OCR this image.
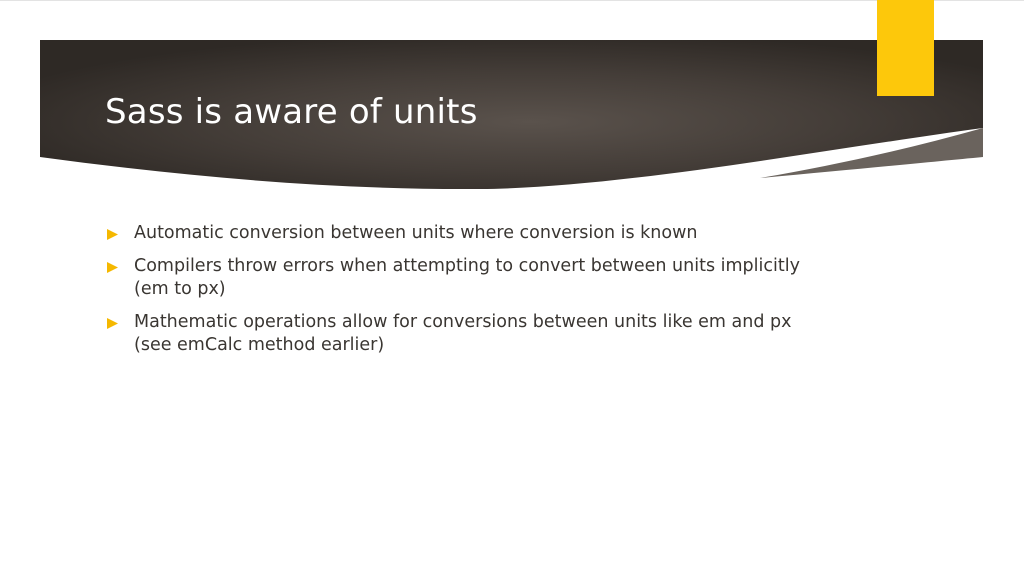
Sass is aware of units
Automatic conversion between units where conversion is known
Compilers throw errors when attempting to convert between units implicitly (em to px)
Mathematic operations allow for conversions between units like em and px (see emCalc method earlier)
